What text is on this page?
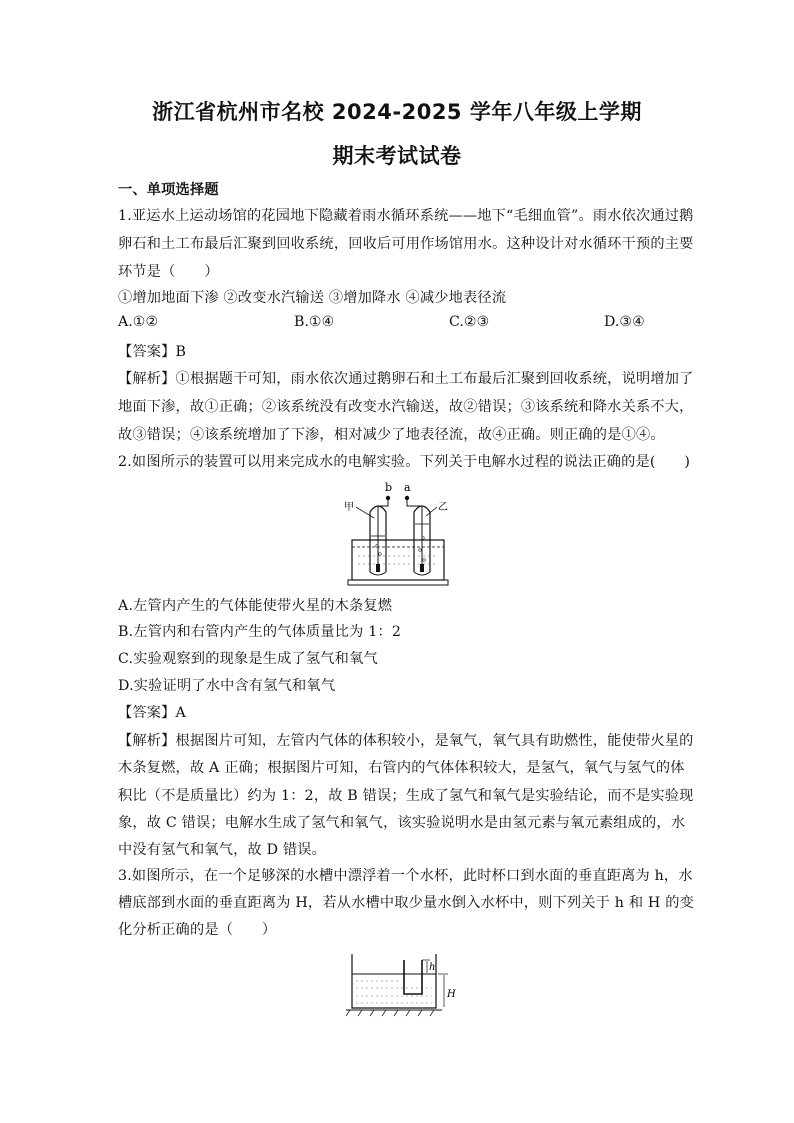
浙江省杭州市名校 2024-2025 学年八年级上学期
期末考试试卷
一、单项选择题
1.亚运水上运动场馆的花园地下隐藏着雨水循环系统——地下“毛细血管”。雨水依次通过鹅
卵石和土工布最后汇聚到回收系统，回收后可用作场馆用水。这种设计对水循环干预的主要
环节是（　　）
①增加地面下渗 ②改变水汽输送 ③增加降水 ④减少地表径流
A.①②	B.①④	C.②③	D.③④
【答案】B
【解析】①根据题干可知，雨水依次通过鹅卵石和土工布最后汇聚到回收系统，说明增加了
地面下渗，故①正确；②该系统没有改变水汽输送，故②错误；③该系统和降水关系不大，
故③错误；④该系统增加了下渗，相对减少了地表径流，故④正确。则正确的是①④。
2.如图所示的装置可以用来完成水的电解实验。下列关于电解水过程的说法正确的是(　　)
b a
甲	乙
A.左管内产生的气体能使带火星的木条复燃
B.左管内和右管内产生的气体质量比为 1：2
C.实验观察到的现象是生成了氢气和氧气
D.实验证明了水中含有氢气和氧气
【答案】A
【解析】根据图片可知，左管内气体的体积较小，是氧气，氧气具有助燃性，能使带火星的
木条复燃，故 A 正确；根据图片可知，右管内的气体体积较大，是氢气，氧气与氢气的体
积比（不是质量比）约为 1：2，故 B 错误；生成了氢气和氧气是实验结论，而不是实验现
象，故 C 错误；电解水生成了氢气和氧气，该实验说明水是由氢元素与氧元素组成的，水
中没有氢气和氧气，故 D 错误。
3.如图所示，在一个足够深的水槽中漂浮着一个水杯，此时杯口到水面的垂直距离为 h，水
槽底部到水面的垂直距离为 H，若从水槽中取少量水倒入水杯中，则下列关于 h 和 H 的变
化分析正确的是（　　）
h
H
